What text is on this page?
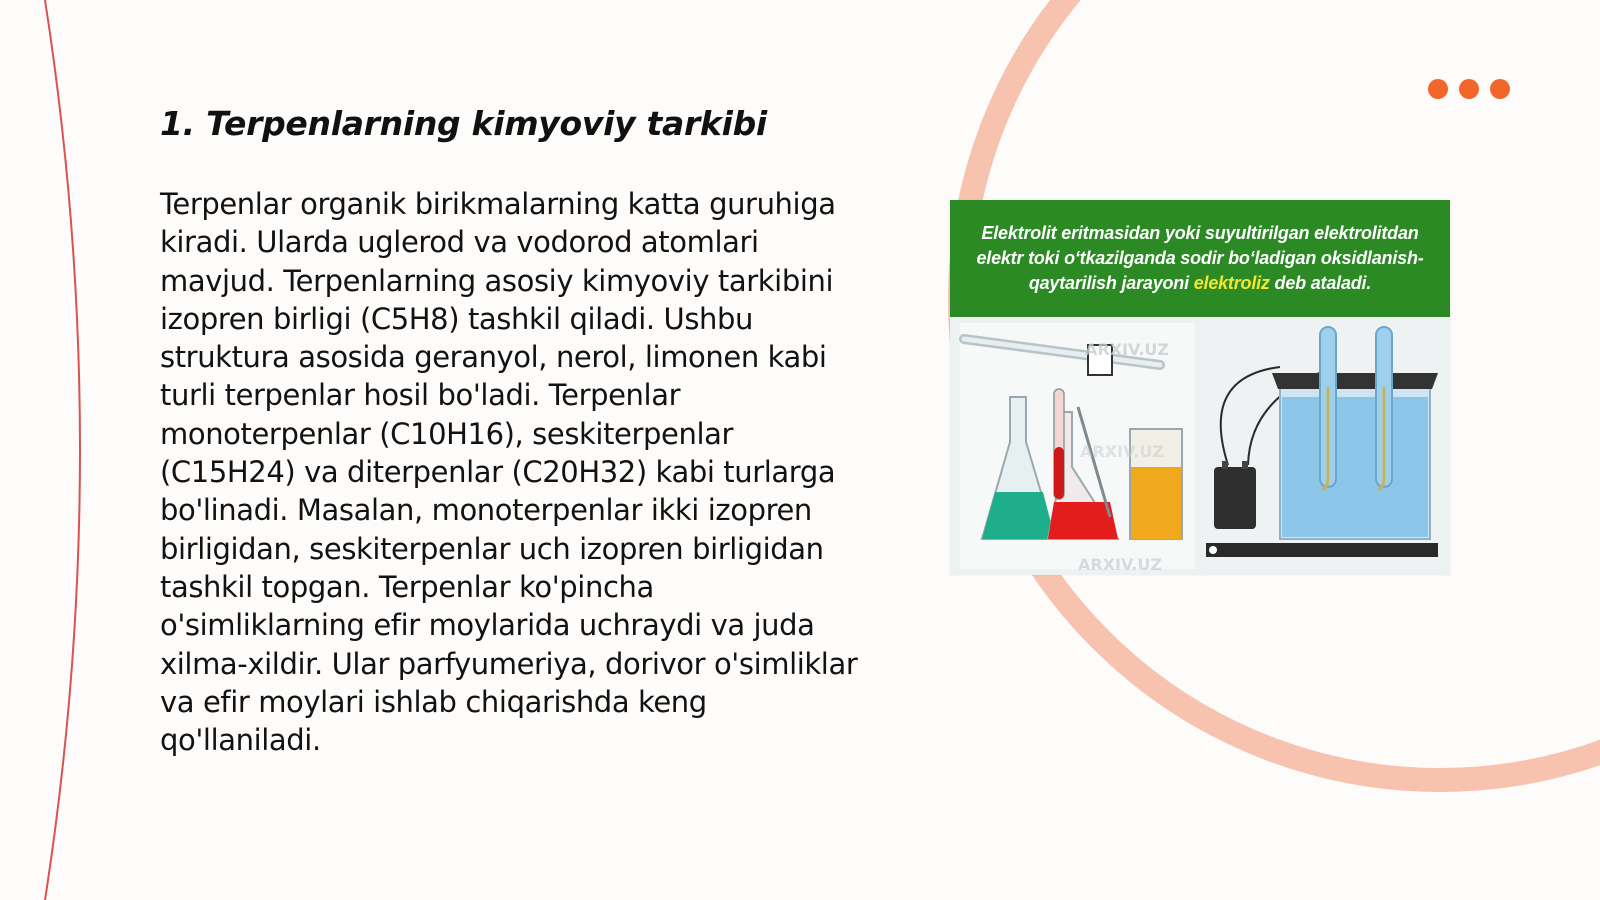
1. Terpenlarning kimyoviy tarkibi

Terpenlar organik birikmalarning katta guruhiga kiradi. Ularda uglerod va vodorod atomlari mavjud. Terpenlarning asosiy kimyoviy tarkibini izopren birligi (C5H8) tashkil qiladi. Ushbu struktura asosida geranyol, nerol, limonen kabi turli terpenlar hosil bo'ladi. Terpenlar monoterpenlar (C10H16), seskiterpenlar (C15H24) va diterpenlar (C20H32) kabi turlarga bo'linadi. Masalan, monoterpenlar ikki izopren birligidan, seskiterpenlar uch izopren birligidan tashkil topgan. Terpenlar ko'pincha o'simliklarning efir moylarida uchraydi va juda xilma-xildir. Ular parfyumeriya, dorivor o'simliklar va efir moylari ishlab chiqarishda keng qo'llaniladi.

Elektrolit eritmasidan yoki suyultirilgan elektrolitdan elektr toki o‘tkazilganda sodir bo‘ladigan oksidlanish-qaytarilish jarayoni elektroliz deb ataladi.

ARXIV.UZ
ARXIV.UZ
ARXIV.UZ
